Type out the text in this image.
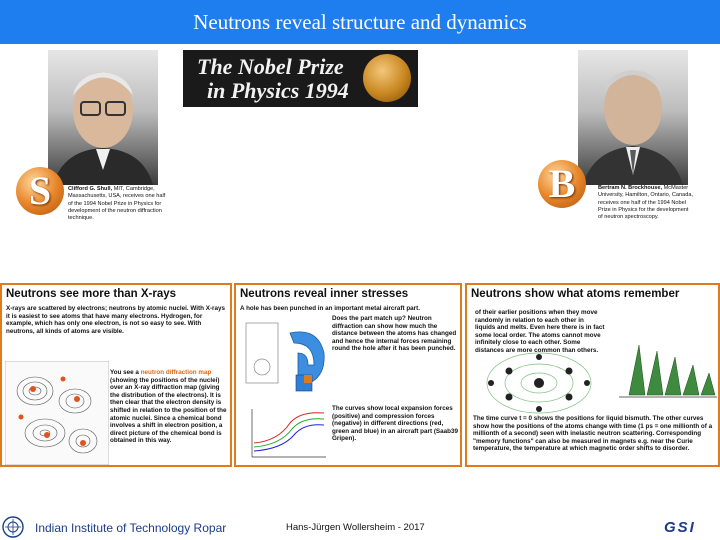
Neutrons reveal structure and dynamics
The Nobel Prize
in Physics 1994
S	B
Clifford G. Shull, MIT, Cambridge, Massachusetts, USA, receives one half of the 1994 Nobel Prize in Physics for development of the neutron diffraction technique.
Bertram N. Brockhouse, McMaster University, Hamilton, Ontario, Canada, receives one half of the 1994 Nobel Prize in Physics for the development of neutron spectroscopy.
Neutrons see more than X-rays
X-rays are scattered by electrons; neutrons by atomic nuclei. With X-rays it is easiest to see atoms that have many electrons. Hydrogen, for example, which has only one electron, is not so easy to see. With neutrons, all kinds of atoms are visible.
You see a neutron diffraction map (showing the positions of the nuclei) over an X-ray diffraction map (giving the distribution of the electrons). It is then clear that the electron density is shifted in relation to the position of the atomic nuclei. Since a chemical bond involves a shift in electron position, a direct picture of the chemical bond is obtained in this way.
Neutrons reveal inner stresses
A hole has been punched in an important metal aircraft part.
Does the part match up? Neutron diffraction can show how much the distance between the atoms has changed and hence the internal forces remaining round the hole after it has been punched.
The curves show local expansion forces (positive) and compression forces (negative) in different directions (red, green and blue) in an aircraft part (Saab39 Gripen).
Neutrons show what atoms remember
of their earlier positions when they move randomly in relation to each other in liquids and melts. Even here there is in fact some local order. The atoms cannot move infinitely close to each other. Some distances are more common than others.
The time curve t = 0 shows the positions for liquid bismuth. The other curves show how the positions of the atoms change with time (1 ps = one millionth of a millionth of a second) seen with inelastic neutron scattering. Corresponding "memory functions" can also be measured in magnets e.g. near the Curie temperature, the temperature at which magnetic order shifts to disorder.
Indian Institute of Technology Ropar	Hans-Jürgen Wollersheim - 2017	GSI
